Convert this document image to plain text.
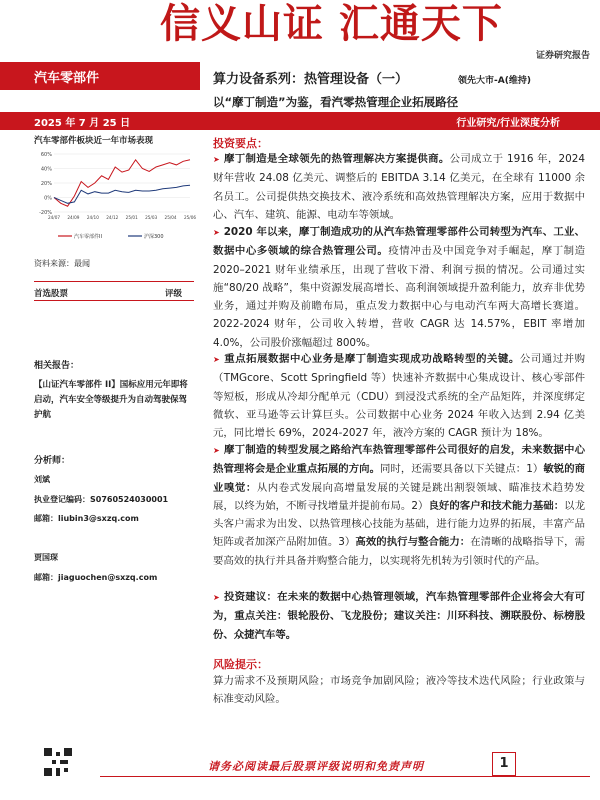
信义山证 汇通天下
证券研究报告
汽车零部件	算力设备系列：热管理设备（一）	领先大市-A(维持)
以“摩丁制造”为鉴，看汽零热管理企业拓展路径
2025 年 7 月 25 日	行业研究/行业深度分析
汽车零部件板块近一年市场表现
-20%
0%
20%
40%
60%
24/07 24/09 24/10 24/12 25/01 25/03 25/04 25/06
汽车零部件II	沪深300
资料来源：最闻
首选股票	评级
相关报告：
【山证汽车零部件 II】国标应用元年即将启动，汽车安全等级提升为自动驾驶保驾护航
分析师：
刘斌
执业登记编码：S0760524030001
邮箱：liubin3@sxzq.com
贾国琛
邮箱：jiaguochen@sxzq.com
投资要点：
➤ 摩丁制造是全球领先的热管理解决方案提供商。公司成立于 1916 年，2024 财年营收 24.08 亿美元、调整后的 EBITDA 3.14 亿美元，在全球有 11000 余名员工。公司提供热交换技术、液冷系统和高效热管理解决方案，应用于数据中心、汽车、建筑、能源、电动车等领域。
➤ 2020 年以来，摩丁制造成功的从汽车热管理零部件公司转型为汽车、工业、数据中心多领域的综合热管理公司。疫情冲击及中国竞争对手崛起，摩丁制造 2020–2021 财年业绩承压，出现了营收下滑、利润亏损的情况。公司通过实施“80/20 战略”，集中资源发展高增长、高利润领域提升盈利能力，放弃非优势业务，通过并购及前瞻布局，重点发力数据中心与电动汽车两大高增长赛道。2022-2024 财年，公司收入转增，营收 CAGR 达 14.57%，EBIT 率增加 4.0%，公司股价涨幅超过 800%。
➤ 重点拓展数据中心业务是摩丁制造实现成功战略转型的关键。公司通过并购（TMGcore、Scott Springfield 等）快速补齐数据中心集成设计、核心零部件等短板，形成从冷却分配单元（CDU）到浸没式系统的全产品矩阵，并深度绑定微软、亚马逊等云计算巨头。公司数据中心业务 2024 年收入达到 2.94 亿美元，同比增长 69%，2024-2027 年，液冷方案的 CAGR 预计为 18%。
➤ 摩丁制造的转型发展之路给汽车热管理零部件公司很好的启发，未来数据中心热管理将会是企业重点拓展的方向。同时，还需要具备以下关键点：1）敏锐的商业嗅觉：从内卷式发展向高增量发展的关键是跳出割裂领域、瞄准技术趋势发展，以终为始，不断寻找增量并提前布局。2）良好的客户和技术能力基础：以龙头客户需求为出发、以热管理核心技能为基础，进行能力边界的拓展，丰富产品矩阵或者加深产品附加值。3）高效的执行与整合能力：在清晰的战略指导下，需要高效的执行并具备并购整合能力，以实现将先机转为引领时代的产品。
➤ 投资建议：在未来的数据中心热管理领域，汽车热管理零部件企业将会大有可为，重点关注：银轮股份、飞龙股份；建议关注：川环科技、溯联股份、标榜股份、众捷汽车等。
风险提示：
算力需求不及预期风险；市场竞争加剧风险；液冷等技术迭代风险；行业政策与标准变动风险。
请务必阅读最后股票评级说明和免责声明	1
